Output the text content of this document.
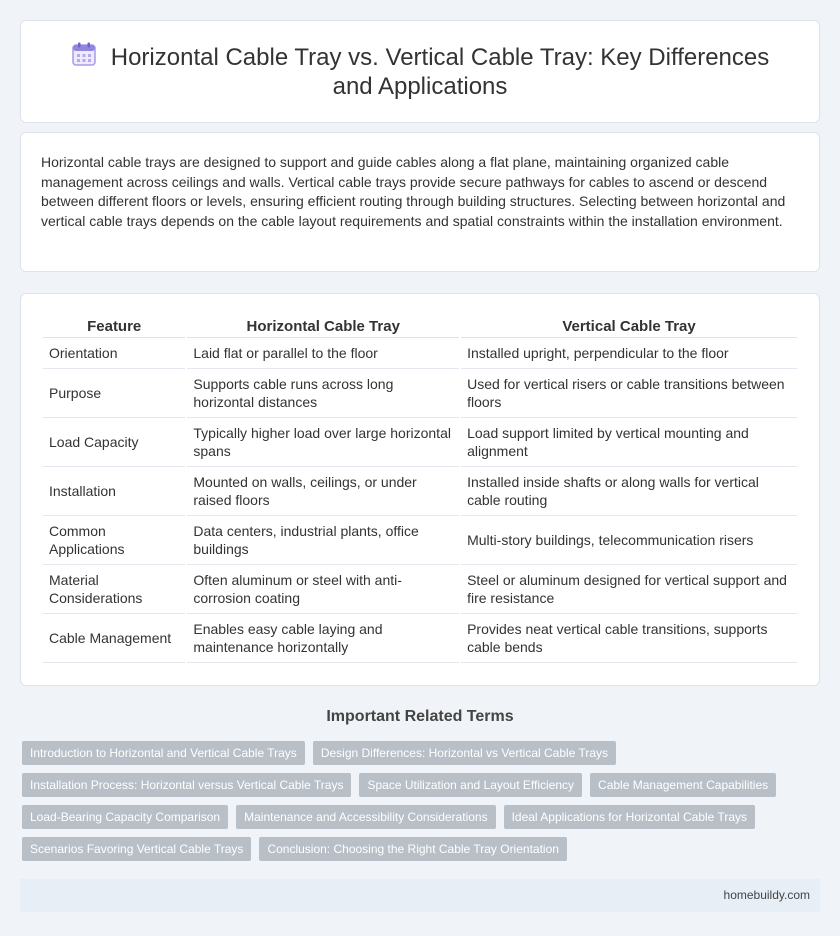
Horizontal Cable Tray vs. Vertical Cable Tray: Key Differences and Applications

Horizontal cable trays are designed to support and guide cables along a flat plane, maintaining organized cable management across ceilings and walls. Vertical cable trays provide secure pathways for cables to ascend or descend between different floors or levels, ensuring efficient routing through building structures. Selecting between horizontal and vertical cable trays depends on the cable layout requirements and spatial constraints within the installation environment.

Feature	Horizontal Cable Tray	Vertical Cable Tray
Orientation	Laid flat or parallel to the floor	Installed upright, perpendicular to the floor
Purpose	Supports cable runs across long horizontal distances	Used for vertical risers or cable transitions between floors
Load Capacity	Typically higher load over large horizontal spans	Load support limited by vertical mounting and alignment
Installation	Mounted on walls, ceilings, or under raised floors	Installed inside shafts or along walls for vertical cable routing
Common Applications	Data centers, industrial plants, office buildings	Multi-story buildings, telecommunication risers
Material Considerations	Often aluminum or steel with anti-corrosion coating	Steel or aluminum designed for vertical support and fire resistance
Cable Management	Enables easy cable laying and maintenance horizontally	Provides neat vertical cable transitions, supports cable bends
Important Related Terms
Introduction to Horizontal and Vertical Cable Trays	Design Differences: Horizontal vs Vertical Cable Trays
Installation Process: Horizontal versus Vertical Cable Trays	Space Utilization and Layout Efficiency	Cable Management Capabilities
Load-Bearing Capacity Comparison	Maintenance and Accessibility Considerations	Ideal Applications for Horizontal Cable Trays
Scenarios Favoring Vertical Cable Trays	Conclusion: Choosing the Right Cable Tray Orientation
homebuildy.com
